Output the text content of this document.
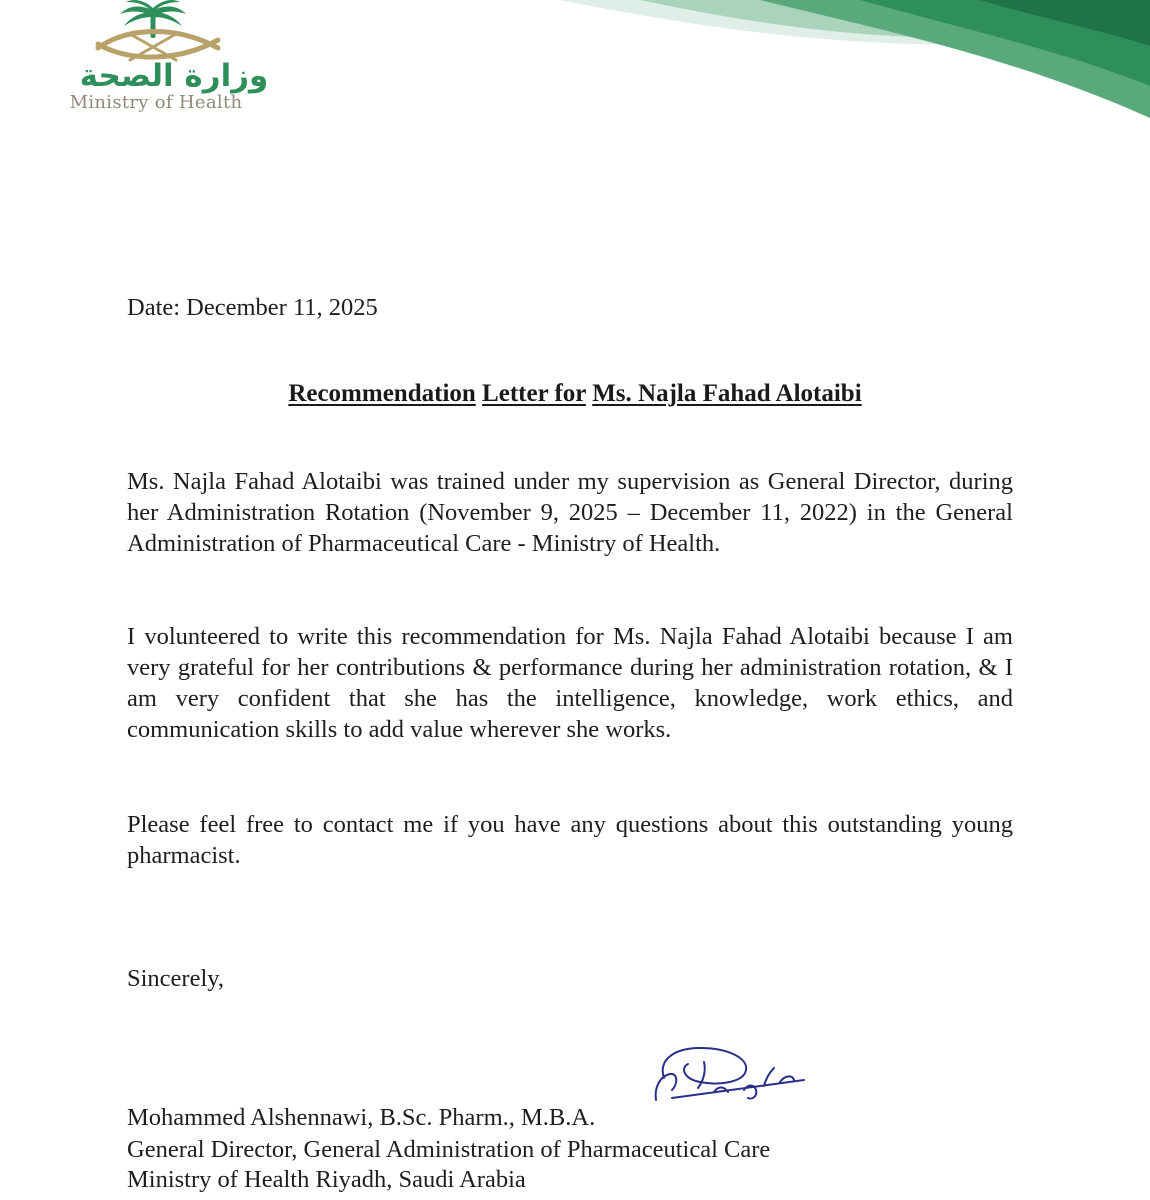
وزارة الصحة
Ministry of Health

Date: December 11, 2025

Recommendation Letter for Ms. Najla Fahad Alotaibi

Ms. Najla Fahad Alotaibi was trained under my supervision as General Director, during her Administration Rotation (November 9, 2025 – December 11, 2022) in the General Administration of Pharmaceutical Care - Ministry of Health.

I volunteered to write this recommendation for Ms. Najla Fahad Alotaibi because I am very grateful for her contributions & performance during her administration rotation, & I am very confident that she has the intelligence, knowledge, work ethics, and communication skills to add value wherever she works.

Please feel free to contact me if you have any questions about this outstanding young pharmacist.

Sincerely,

Mohammed Alshennawi, B.Sc. Pharm., M.B.A.

General Director, General Administration of Pharmaceutical Care

Ministry of Health Riyadh, Saudi Arabia
